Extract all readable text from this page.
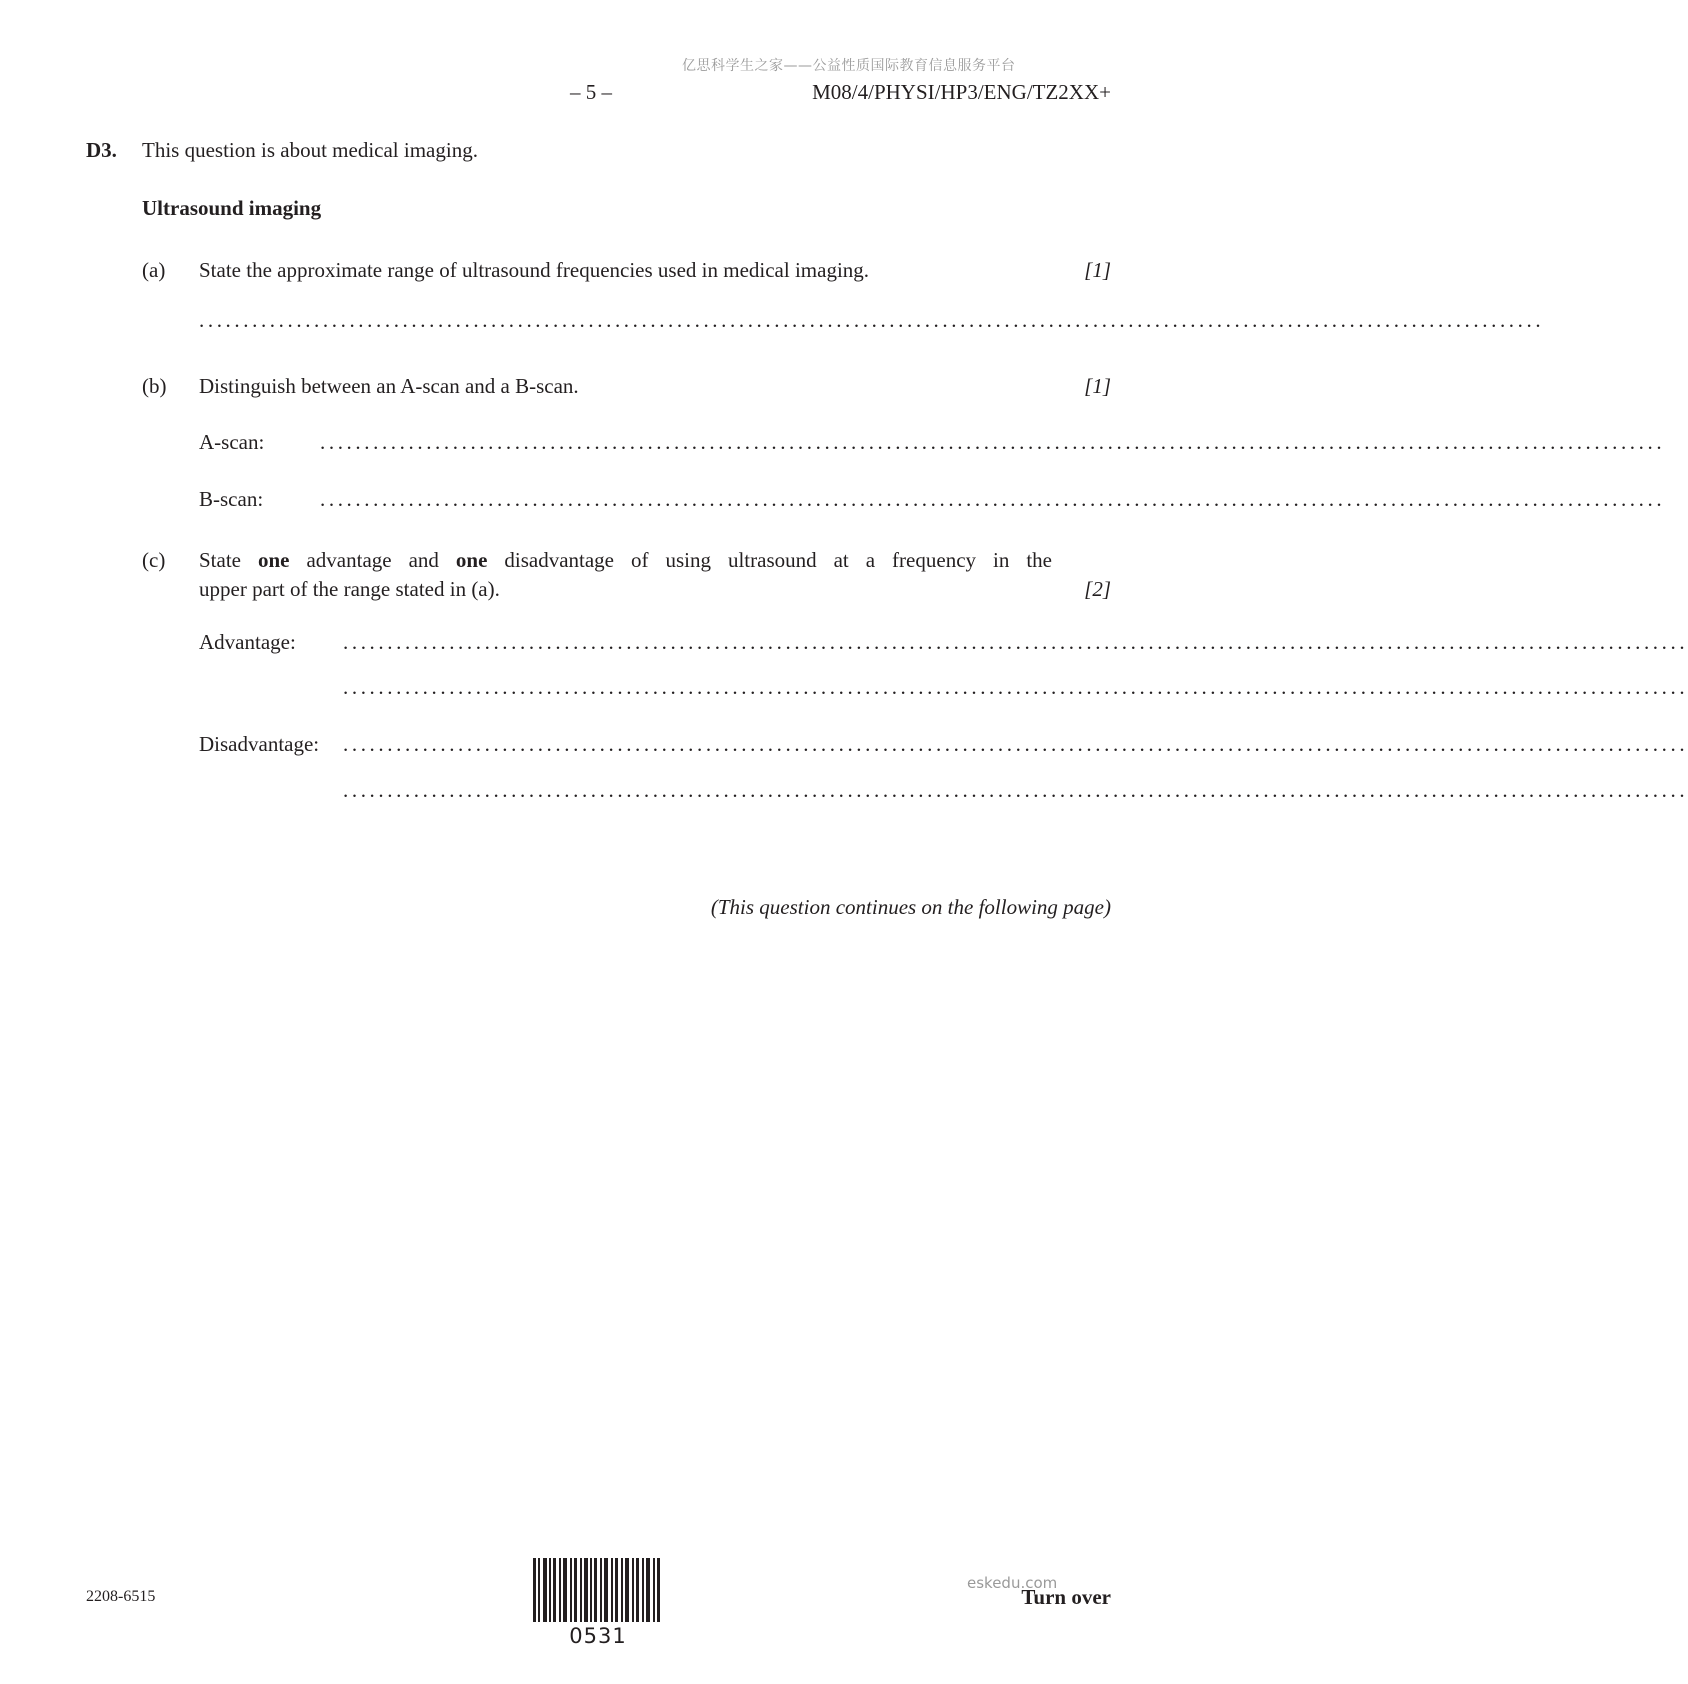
亿思科学生之家——公益性质国际教育信息服务平台
– 5 –	M08/4/PHYSI/HP3/ENG/TZ2XX+
D3. This question is about medical imaging.
Ultrasound imaging
(a) State the approximate range of ultrasound frequencies used in medical imaging.	[1]
........................................................................................................................................................
(b) Distinguish between an A-scan and a B-scan.	[1]
A-scan:	........................................................................................................................................................
B-scan:	........................................................................................................................................................
(c) State one advantage and one disadvantage of using ultrasound at a frequency in the
upper part of the range stated in (a).	[2]
Advantage: ........................................................................................................................................................
........................................................................................................................................................
Disadvantage: ........................................................................................................................................................
........................................................................................................................................................
(This question continues on the following page)
2208-6515
0531
eskedu.com
Turn over
